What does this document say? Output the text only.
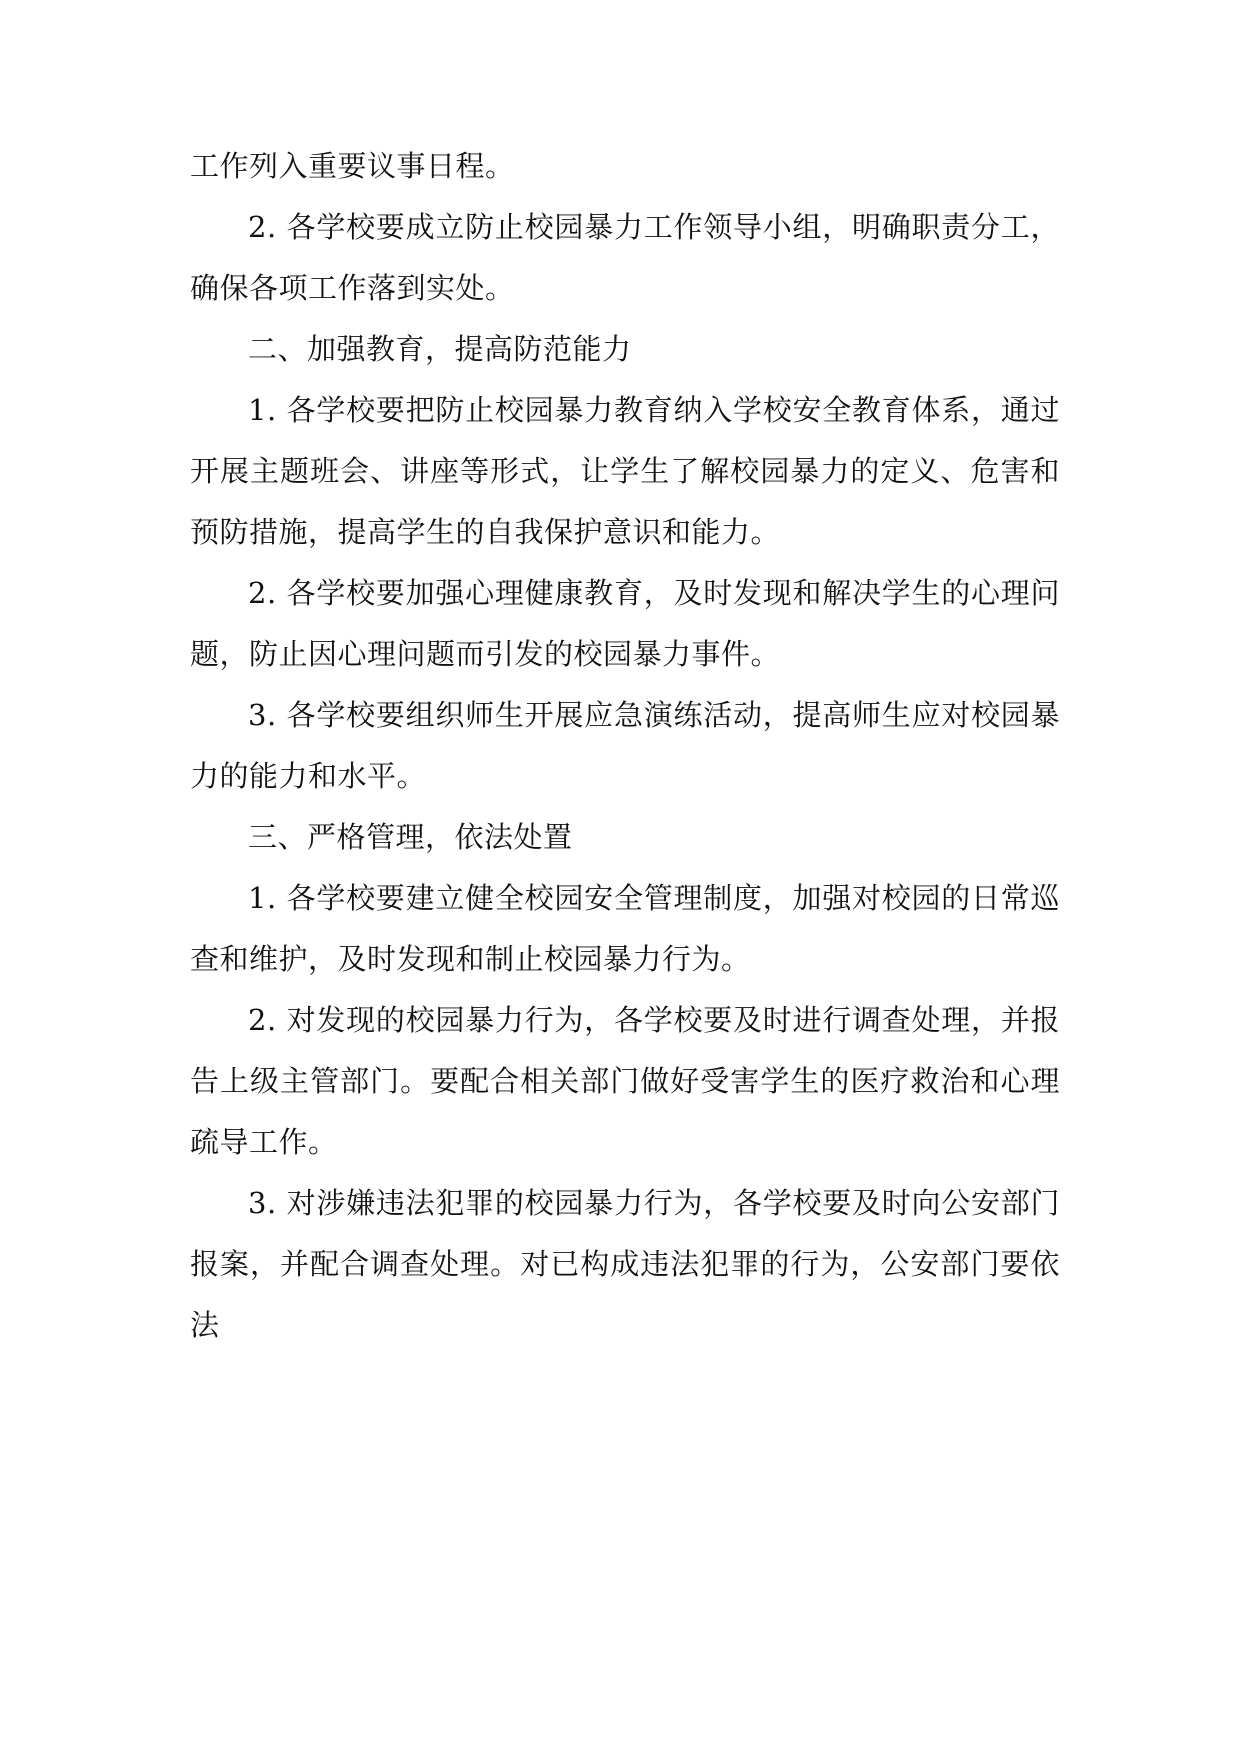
工作列入重要议事日程。

2. 各学校要成立防止校园暴力工作领导小组，明确职责分工，确保各项工作落到实处。

二、加强教育，提高防范能力

1. 各学校要把防止校园暴力教育纳入学校安全教育体系，通过开展主题班会、讲座等形式，让学生了解校园暴力的定义、危害和预防措施，提高学生的自我保护意识和能力。

2. 各学校要加强心理健康教育，及时发现和解决学生的心理问题，防止因心理问题而引发的校园暴力事件。

3. 各学校要组织师生开展应急演练活动，提高师生应对校园暴力的能力和水平。

三、严格管理，依法处置

1. 各学校要建立健全校园安全管理制度，加强对校园的日常巡查和维护，及时发现和制止校园暴力行为。

2. 对发现的校园暴力行为，各学校要及时进行调查处理，并报告上级主管部门。要配合相关部门做好受害学生的医疗救治和心理疏导工作。

3. 对涉嫌违法犯罪的校园暴力行为，各学校要及时向公安部门报案，并配合调查处理。对已构成违法犯罪的行为，公安部门要依法
